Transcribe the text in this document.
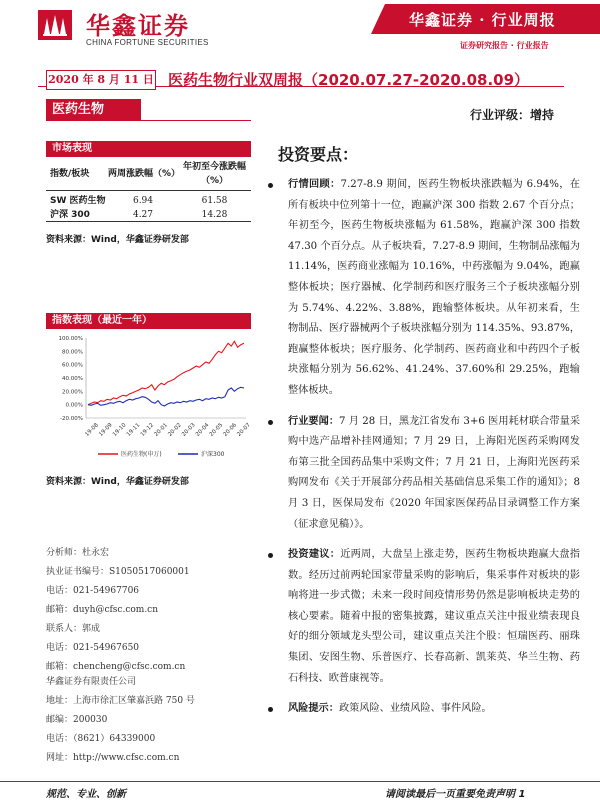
华鑫证券
CHINA FORTUNE SECURITIES
华鑫证券 · 行业周报
证券研究报告 · 行业报告
2020 年 8 月 11 日 医药生物行业双周报（2020.07.27-2020.08.09）
医药生物	行业评级：增持
市场表现
指数/板块	两周涨跌幅（%）
年初至今涨跌幅（%）
SW 医药生物	6.94	61.58
沪深 300	4.27	14.28
资料来源：Wind，华鑫证券研发部
指数表现（最近一年）
100.00%
80.00%
60.00%
40.00%
20.00%
0.00%
-20.00%
19-08
19-09
19-10
19-11
19-12
20-01
20-02
20-03
20-04
20-05
20-06
20-07
医药生物(申万)	沪深300
资料来源：Wind，华鑫证券研发部
分析师：杜永宏
执业证书编号：S1050517060001
电话：021-54967706
邮箱：duyh@cfsc.com.cn
联系人：郭成
电话：021-54967650
邮箱：chencheng@cfsc.com.cn
华鑫证券有限责任公司
地址：上海市徐汇区肇嘉浜路 750 号
邮编：200030
电话：（8621）64339000
网址：http://www.cfsc.com.cn
投资要点：
行情回顾：7.27-8.9 期间，医药生物板块涨跌幅为 6.94%，在所有板块中位列第十一位，跑赢沪深 300 指数 2.67 个百分点；年初至今，医药生物板块涨幅为 61.58%，跑赢沪深 300 指数 47.30 个百分点。从子板块看，7.27-8.9 期间，生物制品涨幅为 11.14%，医药商业涨幅为 10.16%，中药涨幅为 9.04%，跑赢整体板块；医疗器械、化学制药和医疗服务三个子板块涨幅分别为 5.74%、4.22%、3.88%，跑输整体板块。从年初来看，生物制品、医疗器械两个子板块涨幅分别为 114.35%、93.87%，跑赢整体板块；医疗服务、化学制药、医药商业和中药四个子板块涨幅分别为 56.62%、41.24%、37.60%和 29.25%，跑输整体板块。
行业要闻：7 月 28 日，黑龙江省发布 3+6 医用耗材联合带量采购中选产品增补挂网通知；7 月 29 日，上海阳光医药采购网发布第三批全国药品集中采购文件；7 月 21 日，上海阳光医药采购网发布《关于开展部分药品相关基础信息采集工作的通知》；8 月 3 日，医保局发布《2020 年国家医保药品目录调整工作方案（征求意见稿）》。
投资建议：近两周，大盘呈上涨走势，医药生物板块跑赢大盘指数。经历过前两轮国家带量采购的影响后，集采事件对板块的影响将进一步式微；未来一段时间疫情形势仍然是影响板块走势的核心要素。随着中报的密集披露，建议重点关注中报业绩表现良好的细分领域龙头型公司，建议重点关注个股：恒瑞医药、丽珠集团、安图生物、乐普医疗、长春高新、凯莱英、华兰生物、药石科技、欧普康视等。
风险提示：政策风险、业绩风险、事件风险。
规范、专业、创新	请阅读最后一页重要免责声明 1
